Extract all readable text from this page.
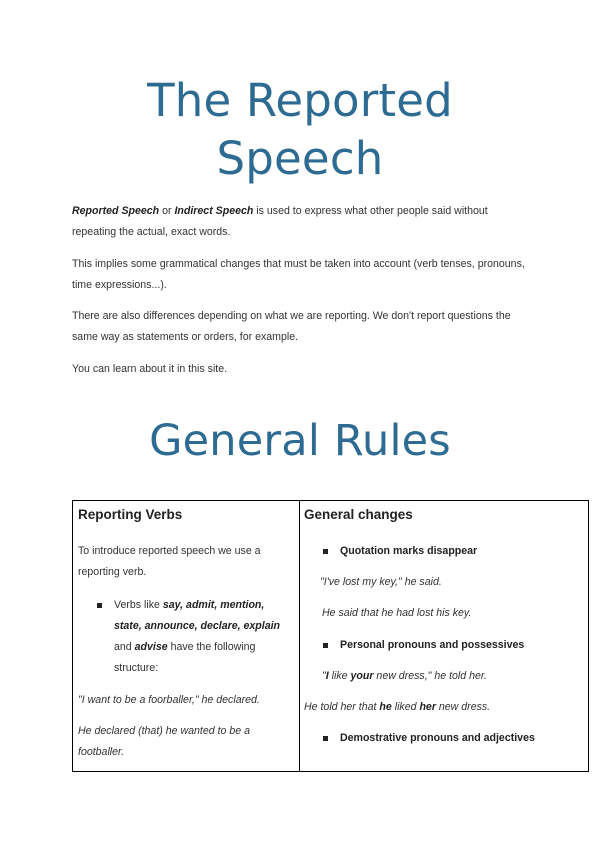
The Reported
Speech

Reported Speech or Indirect Speech is used to express what other people said without repeating the actual, exact words.

This implies some grammatical changes that must be taken into account (verb tenses, pronouns, time expressions...).

There are also differences depending on what we are reporting. We don't report questions the same way as statements or orders, for example.

You can learn about it in this site.

General Rules
Reporting Verbs

To introduce reported speech we use a reporting verb.

Verbs like say, admit, mention, state, announce, declare, explain and advise have the following structure:

"I want to be a foorballer," he declared.

He declared (that) he wanted to be a footballer.

General changes

Quotation marks disappear

"I've lost my key," he said.

He said that he had lost his key.

Personal pronouns and possessives

"I like your new dress," he told her.

He told her that he liked her new dress.

Demostrative pronouns and adjectives
